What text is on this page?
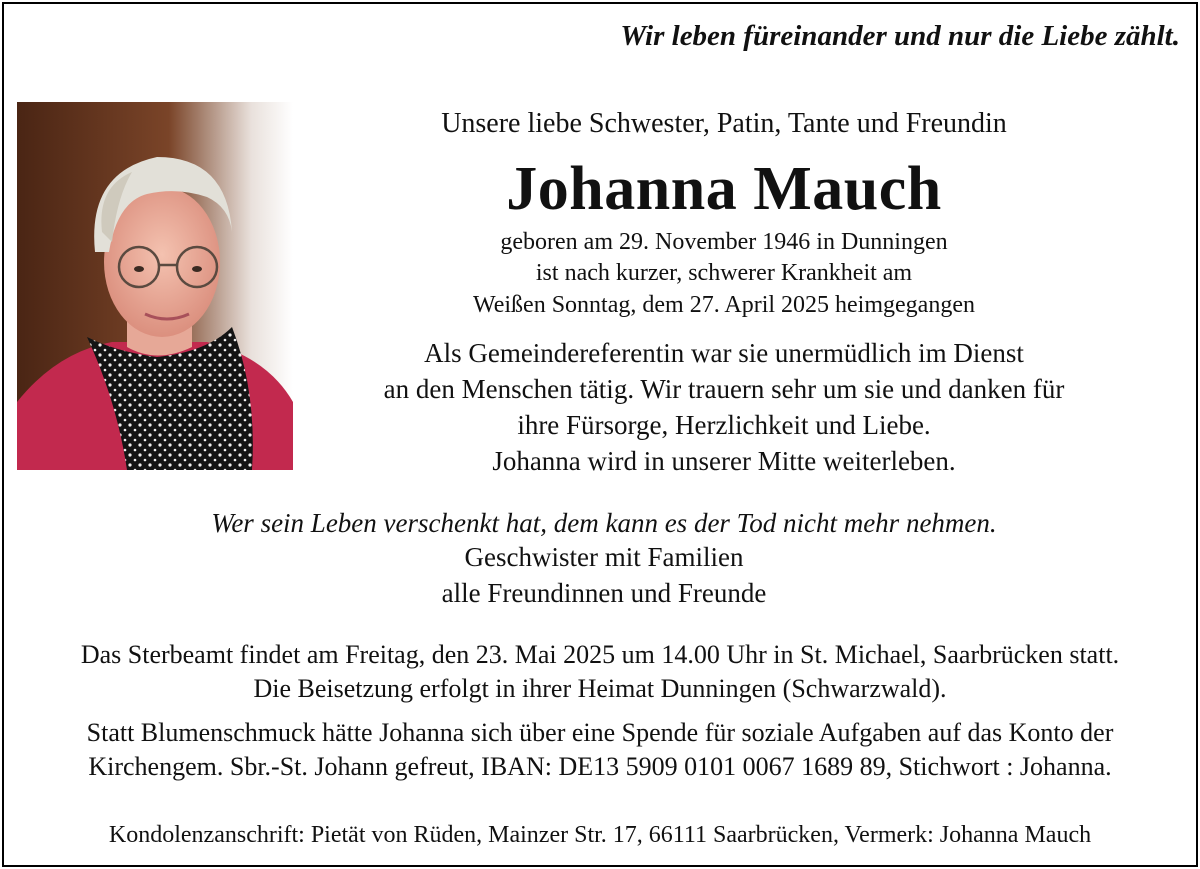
Wir leben füreinander und nur die Liebe zählt.
Unsere liebe Schwester, Patin, Tante und Freundin
Johanna Mauch
geboren am 29. November 1946 in Dunningen
ist nach kurzer, schwerer Krankheit am
Weißen Sonntag, dem 27. April 2025 heimgegangen
Als Gemeindereferentin war sie unermüdlich im Dienst
an den Menschen tätig. Wir trauern sehr um sie und danken für
ihre Fürsorge, Herzlichkeit und Liebe.
Johanna wird in unserer Mitte weiterleben.
Wer sein Leben verschenkt hat, dem kann es der Tod nicht mehr nehmen.
Geschwister mit Familien
alle Freundinnen und Freunde
Das Sterbeamt findet am Freitag, den 23. Mai 2025 um 14.00 Uhr in St. Michael, Saarbrücken statt.
Die Beisetzung erfolgt in ihrer Heimat Dunningen (Schwarzwald).
Statt Blumenschmuck hätte Johanna sich über eine Spende für soziale Aufgaben auf das Konto der
Kirchengem. Sbr.-St. Johann gefreut, IBAN: DE13 5909 0101 0067 1689 89, Stichwort : Johanna.
Kondolenzanschrift: Pietät von Rüden, Mainzer Str. 17, 66111 Saarbrücken, Vermerk: Johanna Mauch
